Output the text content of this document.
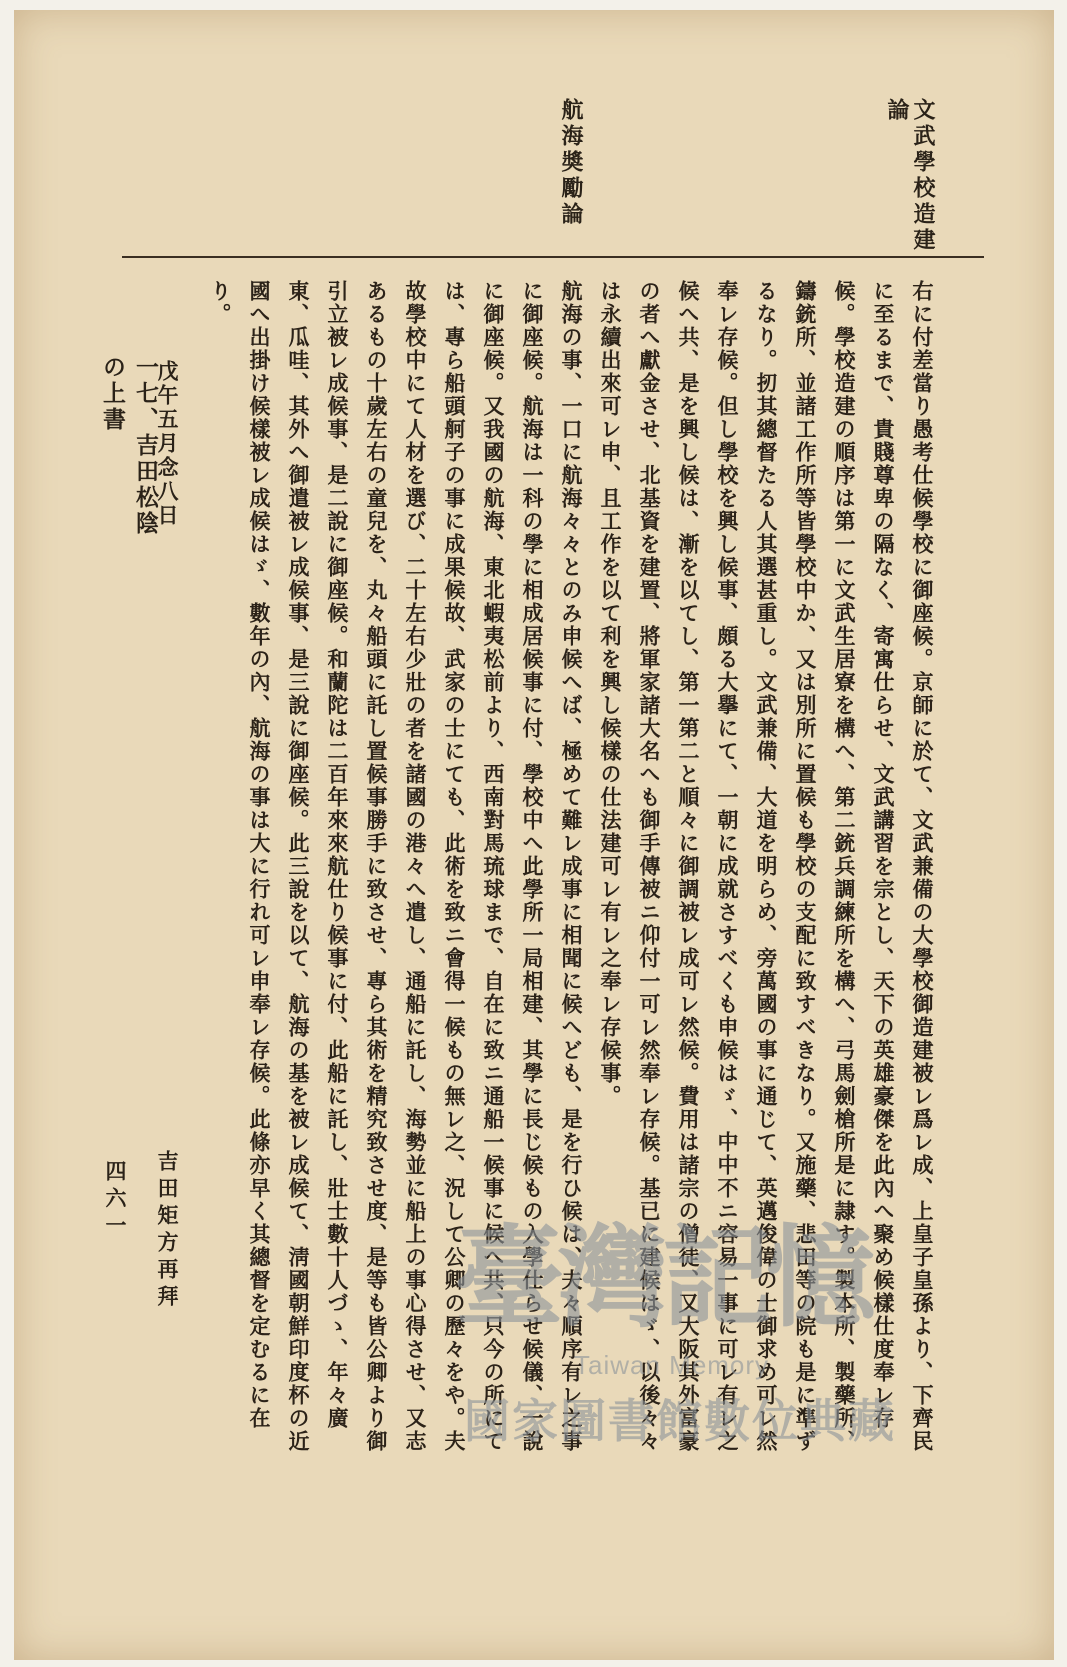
文武學校造建論
航海奬勵論

右に付差當り愚考仕候學校に御座候。京師に於て、文武兼備の大學校御造建被レ爲レ成、上皇子皇孫より、下齊民に至るまで、貴賤尊卑の隔なく、寄寓仕らせ、文武講習を宗とし、天下の英雄豪傑を此內へ聚め候樣仕度奉レ存候。學校造建の順序は第一に文武生居寮を構へ、第二銃兵調練所を構へ、弓馬劍槍所是に隷す。製本所、製藥所、鑄銃所、並諸工作所等皆學校中か、又は別所に置候も學校の支配に致すべきなり。又施藥、悲田等の院も是に準ずるなり。扨其總督たる人其選甚重し。文武兼備、大道を明らめ、旁萬國の事に通じて、英邁俊偉の士御求め可レ然奉レ存候。但し學校を興し候事、頗る大擧にて、一朝に成就さすべくも申候はゞ、中中不ニ容易一事に可レ有レ之候へ共、是を興し候は、漸を以てし、第一第二と順々に御調被レ成可レ然候。費用は諸宗の僧徒、又大阪其外富豪の者へ獻金させ、北基資を建置、將軍家諸大名へも御手傳被ニ仰付一可レ然奉レ存候。基已に建候はゞ、以後々々は永續出來可レ申、且工作を以て利を興し候樣の仕法建可レ有レ之奉レ存候事。

航海の事、一口に航海々々とのみ申候へば、極めて難レ成事に相聞に候へども、是を行ひ候は、夫々順序有レ之事に御座候。航海は一科の學に相成居候事に付、學校中へ此學所一局相建、其學に長じ候もの入學仕らせ候儀、一說に御座候。又我國の航海、東北蝦夷松前より、西南對馬琉球まで、自在に致ニ通船一候事に候へ共、只今の所にては、專ら船頭舸子の事に成果候故、武家の士にても、此術を致ニ會得一候もの無レ之、況して公卿の歷々をや。夫故學校中にて人材を選び、二十左右少壯の者を諸國の港々へ遣し、通船に託し、海勢並に船上の事心得させ、又志あるもの十歲左右の童兒を、丸々船頭に託し置候事勝手に致させ、專ら其術を精究致させ度、是等も皆公卿より御引立被レ成候事、是二說に御座候。和蘭陀は二百年來來航仕り候事に付、此船に託し、壯士數十人づゝ、年々廣東、瓜哇、其外へ御遣被レ成候事、是三說に御座候。此三說を以て、航海の基を被レ成候て、淸國朝鮮印度杯の近國へ出掛け候樣被レ成候はゞ、數年の內、航海の事は大に行れ可レ申奉レ存候。此條亦早く其總督を定むるに在り。

戊午五月念八日
吉田矩方再拜
一七、吉田松陰の上書
四六一
臺灣記憶
Taiwan Memory
國家圖書館數位典藏
